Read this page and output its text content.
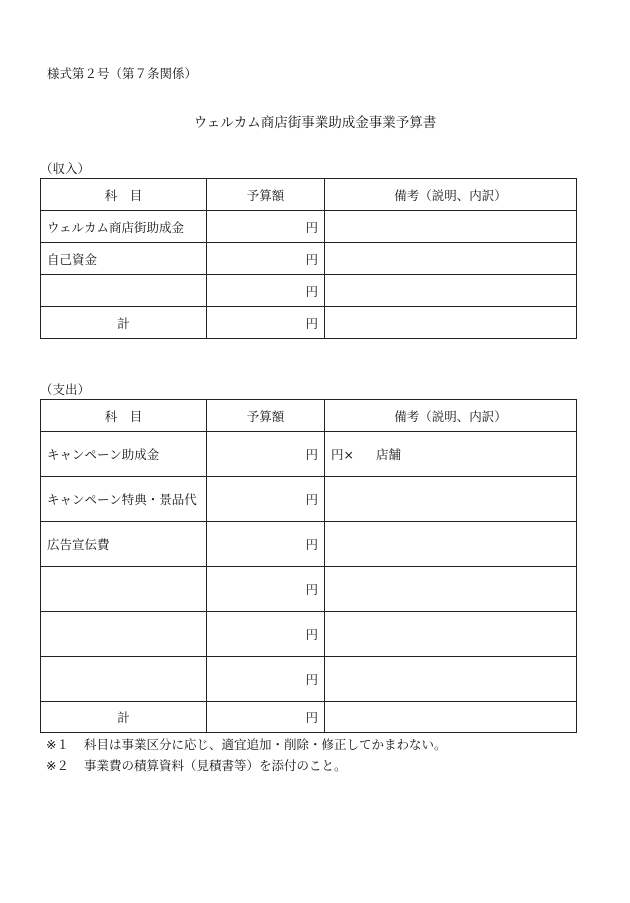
様式第２号（第７条関係）
ウェルカム商店街事業助成金事業予算書
（収入）
科　目	予算額	備考（説明、内訳）
ウェルカム商店街助成金	円	
自己資金	円	
	円	
計	円	
（支出）
科　目	予算額	備考（説明、内訳）
キャンペーン助成金	円	円× 店舗
キャンペーン特典・景品代	円	
広告宣伝費	円	
	円	
	円	
	円	
計	円	
※１ 科目は事業区分に応じ、適宜追加・削除・修正してかまわない。
※２ 事業費の積算資料（見積書等）を添付のこと。
